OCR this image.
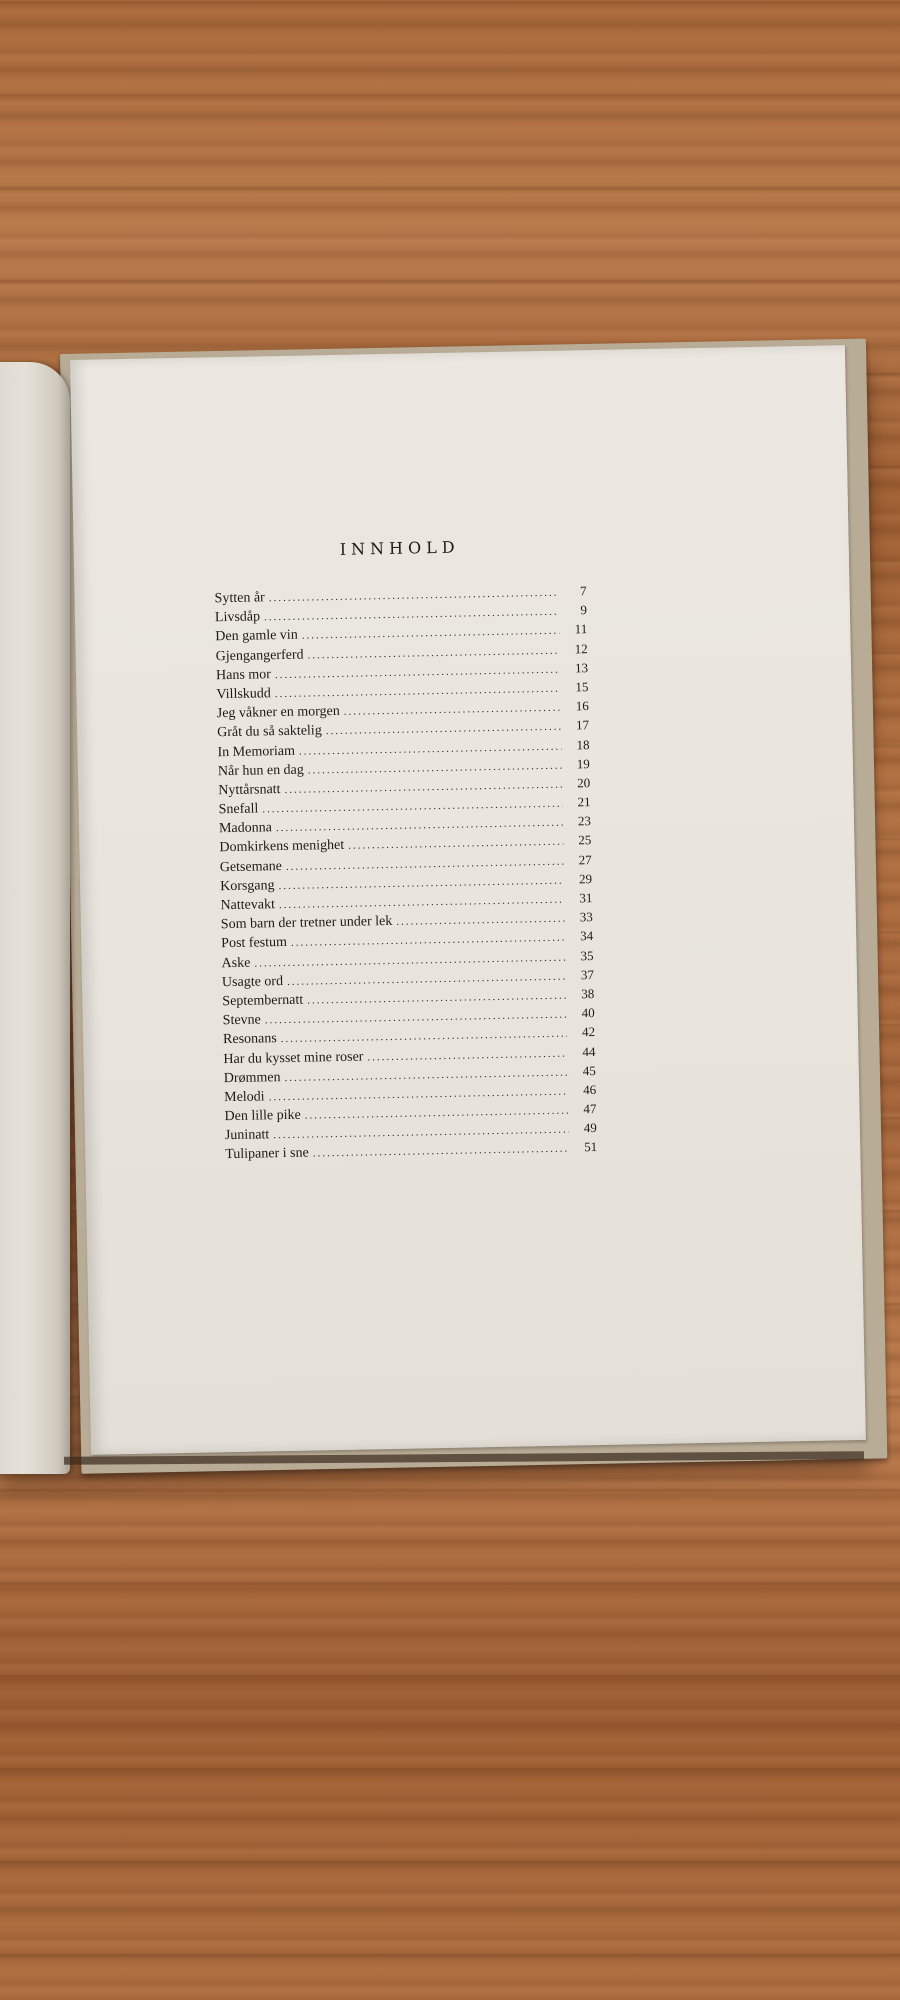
INNHOLD
Sytten år .....	7
Livsdåp .....	9
Den gamle vin .....	11
Gjengangerferd .....	12
Hans mor .....	13
Villskudd .....	15
Jeg våkner en morgen .....	16
Gråt du så saktelig .....	17
In Memoriam .....	18
Når hun en dag .....	19
Nyttårsnatt .....	20
Snefall .....	21
Madonna .....	23
Domkirkens menighet .....	25
Getsemane .....	27
Korsgang .....	29
Nattevakt .....	31
Som barn der tretner under lek .....	33
Post festum .....	34
Aske .....	35
Usagte ord .....	37
Septembernatt .....	38
Stevne .....	40
Resonans .....	42
Har du kysset mine roser .....	44
Drømmen .....	45
Melodi .....	46
Den lille pike .....	47
Juninatt .....	49
Tulipaner i sne .....	51
